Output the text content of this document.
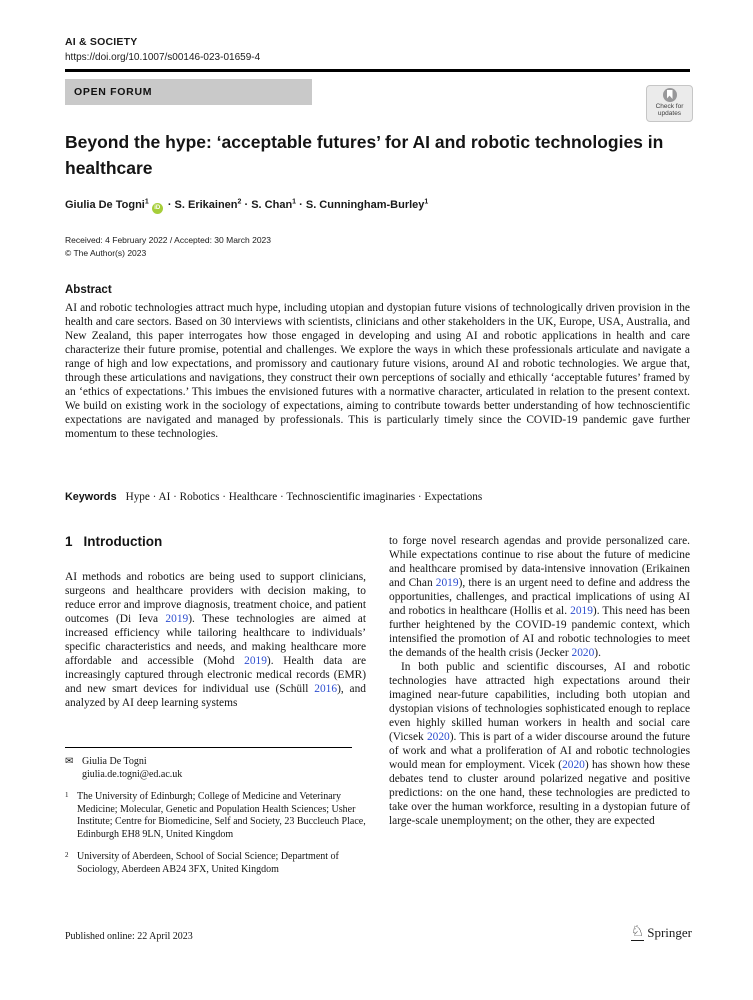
AI & SOCIETY
https://doi.org/10.1007/s00146-023-01659-4
OPEN FORUM
Check for
updates
Beyond the hype: ‘acceptable futures’ for AI and robotic technologies in healthcare
Giulia De Togni$^1$iD · S. Erikainen$^2$ · S. Chan$^1$ · S. Cunningham-Burley$^1$
Received: 4 February 2022 / Accepted: 30 March 2023
© The Author(s) 2023
Abstract

AI and robotic technologies attract much hype, including utopian and dystopian future visions of technologically driven provision in the health and care sectors. Based on 30 interviews with scientists, clinicians and other stakeholders in the UK, Europe, USA, Australia, and New Zealand, this paper interrogates how those engaged in developing and using AI and robotic applications in health and care characterize their future promise, potential and challenges. We explore the ways in which these professionals articulate and navigate a range of high and low expectations, and promissory and cautionary future visions, around AI and robotic technologies. We argue that, through these articulations and navigations, they construct their own perceptions of socially and ethically ‘acceptable futures’ framed by an ‘ethics of expectations.’ This imbues the envisioned futures with a normative character, articulated in relation to the present context. We build on existing work in the sociology of expectations, aiming to contribute towards better understanding of how technoscientific expectations are navigated and managed by professionals. This is particularly timely since the COVID-19 pandemic gave further momentum to these technologies.

Keywords Hype · AI · Robotics · Healthcare · Technoscientific imaginaries · Expectations
1 Introduction

AI methods and robotics are being used to support clinicians, surgeons and healthcare providers with decision making, to reduce error and improve diagnosis, treatment choice, and patient outcomes (Di Ieva 2019). These technologies are aimed at increased efficiency while tailoring healthcare to individuals’ specific characteristics and needs, and making healthcare more affordable and accessible (Mohd 2019). Health data are increasingly captured through electronic medical records (EMR) and new smart devices for individual use (Schüll 2016), and analyzed by AI deep learning systems

to forge novel research agendas and provide personalized care. While expectations continue to rise about the future of medicine and healthcare promised by data-intensive innovation (Erikainen and Chan 2019), there is an urgent need to define and address the opportunities, challenges, and practical implications of using AI and robotics in healthcare (Hollis et al. 2019). This need has been further heightened by the COVID-19 pandemic context, which intensified the promotion of AI and robotic technologies to meet the demands of the health crisis (Jecker 2020).

In both public and scientific discourses, AI and robotic technologies have attracted high expectations around their imagined near-future capabilities, including both utopian and dystopian visions of technologies sophisticated enough to replace even highly skilled human workers in health and social care (Vicsek 2020). This is part of a wider discourse around the future of work and what a proliferation of AI and robotic technologies would mean for employment. Vicek (2020) has shown how these debates tend to cluster around polarized negative and positive predictions: on the one hand, these technologies are predicted to take over the human workforce, resulting in a dystopian future of large-scale unemployment; on the other, they are expected

✉ Giulia De Togni
giulia.de.togni@ed.ac.uk
1 The University of Edinburgh; College of Medicine and Veterinary Medicine; Molecular, Genetic and Population Health Sciences; Usher Institute; Centre for Biomedicine, Self and Society, 23 Buccleuch Place, Edinburgh EH8 9LN, United Kingdom
2 University of Aberdeen, School of Social Science; Department of Sociology, Aberdeen AB24 3FX, United Kingdom
Published online: 22 April 2023	♘ Springer
